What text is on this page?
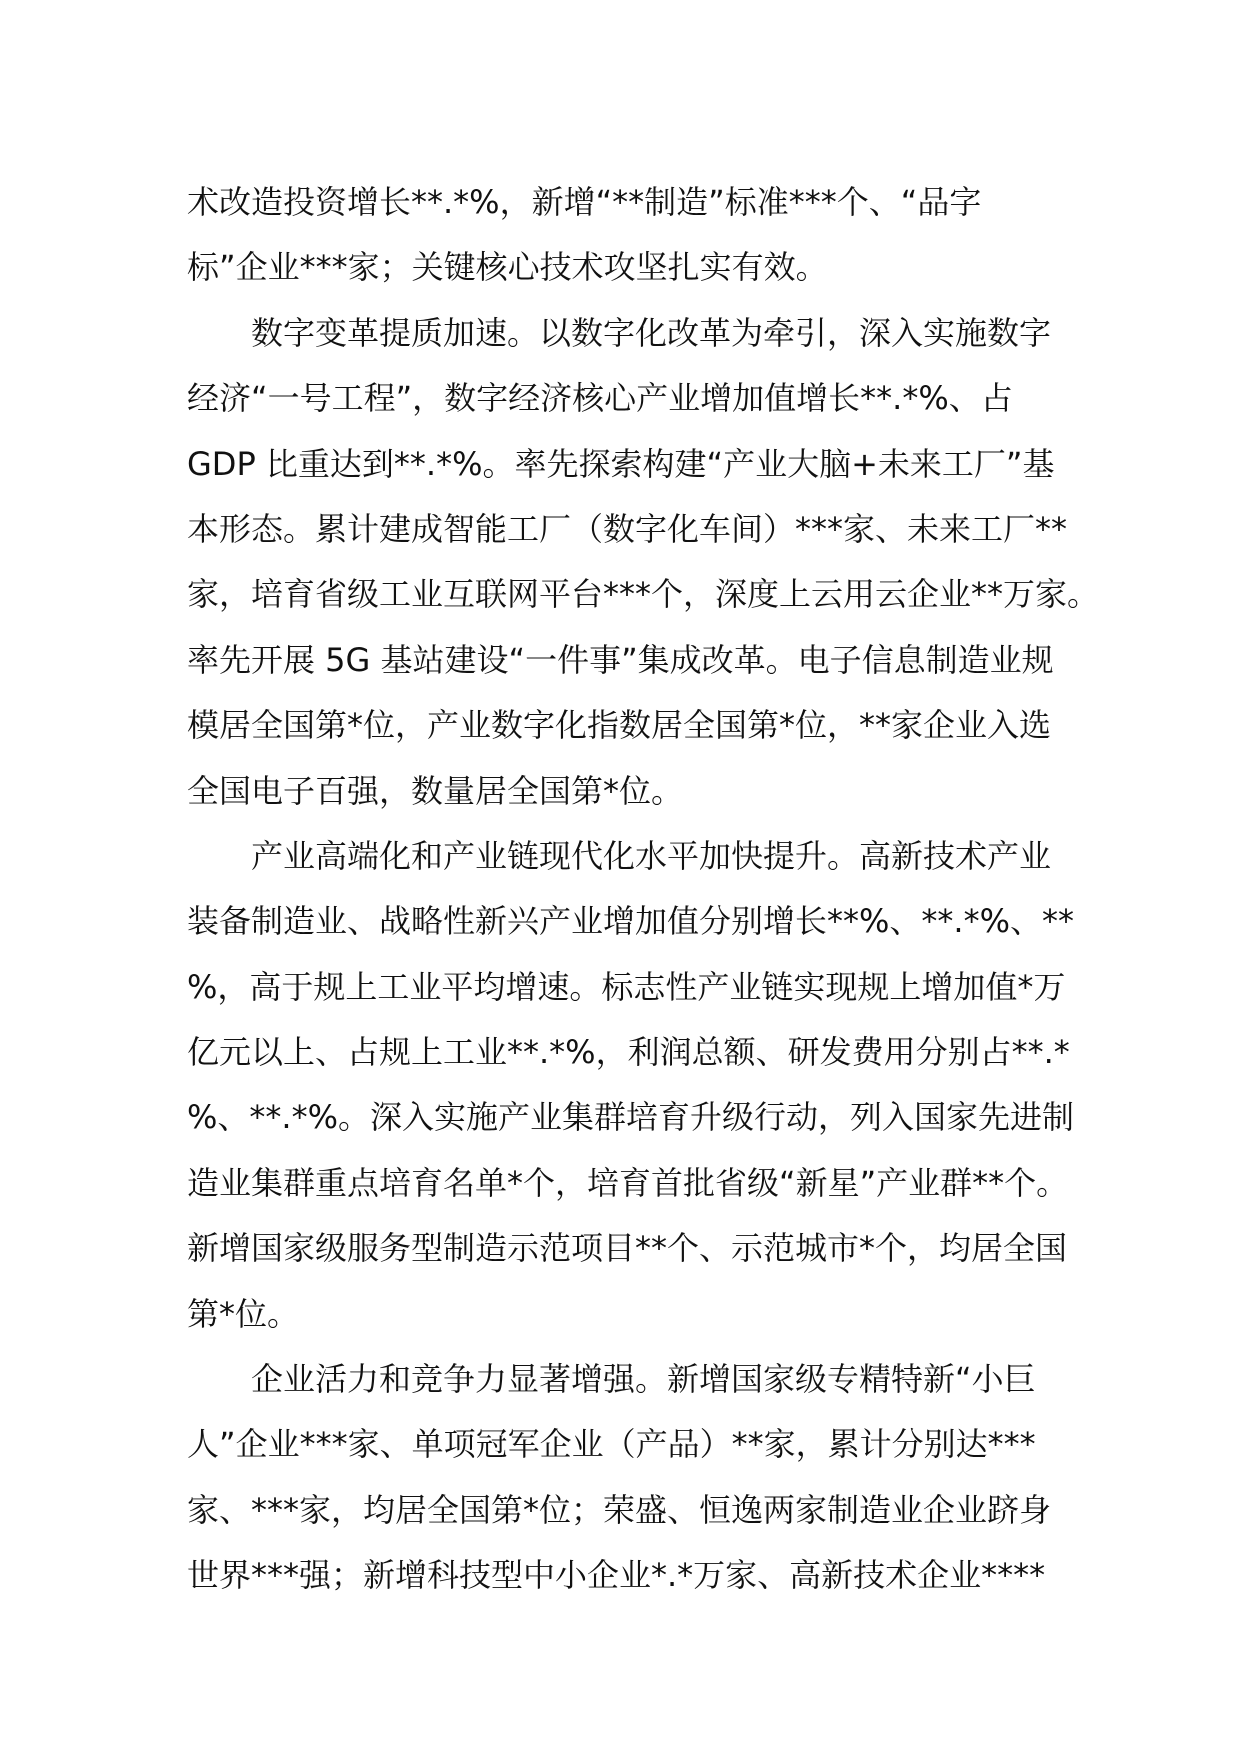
术改造投资增长**.*%，新增“**制造”标准***个、“品字
标”企业***家；关键核心技术攻坚扎实有效。
数字变革提质加速。以数字化改革为牵引，深入实施数字
经济“一号工程”，数字经济核心产业增加值增长**.*%、占
GDP 比重达到**.*%。率先探索构建“产业大脑+未来工厂”基
本形态。累计建成智能工厂（数字化车间）***家、未来工厂**
家，培育省级工业互联网平台***个，深度上云用云企业**万家。
率先开展 5G 基站建设“一件事”集成改革。电子信息制造业规
模居全国第*位，产业数字化指数居全国第*位，**家企业入选
全国电子百强，数量居全国第*位。
产业高端化和产业链现代化水平加快提升。高新技术产业
装备制造业、战略性新兴产业增加值分别增长**%、**.*%、**
%，高于规上工业平均增速。标志性产业链实现规上增加值*万
亿元以上、占规上工业**.*%，利润总额、研发费用分别占**.*
%、**.*%。深入实施产业集群培育升级行动，列入国家先进制
造业集群重点培育名单*个，培育首批省级“新星”产业群**个。
新增国家级服务型制造示范项目**个、示范城市*个，均居全国
第*位。
企业活力和竞争力显著增强。新增国家级专精特新“小巨
人”企业***家、单项冠军企业（产品）**家，累计分别达***
家、***家，均居全国第*位；荣盛、恒逸两家制造业企业跻身
世界***强；新增科技型中小企业*.*万家、高新技术企业****
